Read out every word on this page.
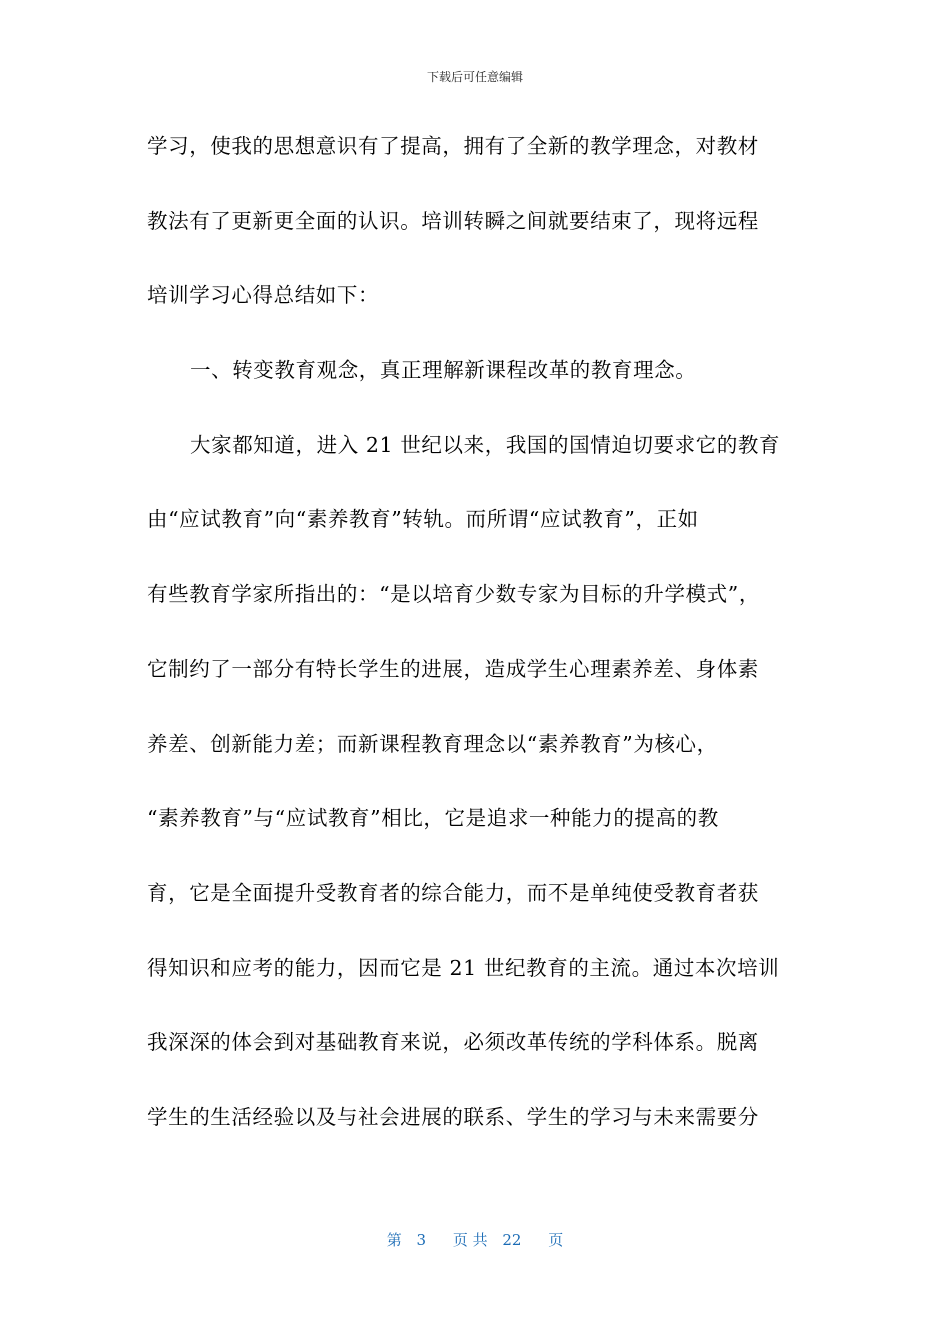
下载后可任意编辑
学习，使我的思想意识有了提高，拥有了全新的教学理念，对教材
教法有了更新更全面的认识。培训转瞬之间就要结束了，现将远程
培训学习心得总结如下：
一、转变教育观念，真正理解新课程改革的教育理念。
大家都知道，进入 21 世纪以来，我国的国情迫切要求它的教育
由“应试教育”向“素养教育”转轨。而所谓“应试教育”，正如
有些教育学家所指出的：“是以培育少数专家为目标的升学模式”，
它制约了一部分有特长学生的进展，造成学生心理素养差、身体素
养差、创新能力差；而新课程教育理念以“素养教育”为核心，
“素养教育”与“应试教育”相比，它是追求一种能力的提高的教
育，它是全面提升受教育者的综合能力，而不是单纯使受教育者获
得知识和应考的能力，因而它是 21 世纪教育的主流。通过本次培训
我深深的体会到对基础教育来说，必须改革传统的学科体系。脱离
学生的生活经验以及与社会进展的联系、学生的学习与未来需要分
第 3 页 共 22 页
